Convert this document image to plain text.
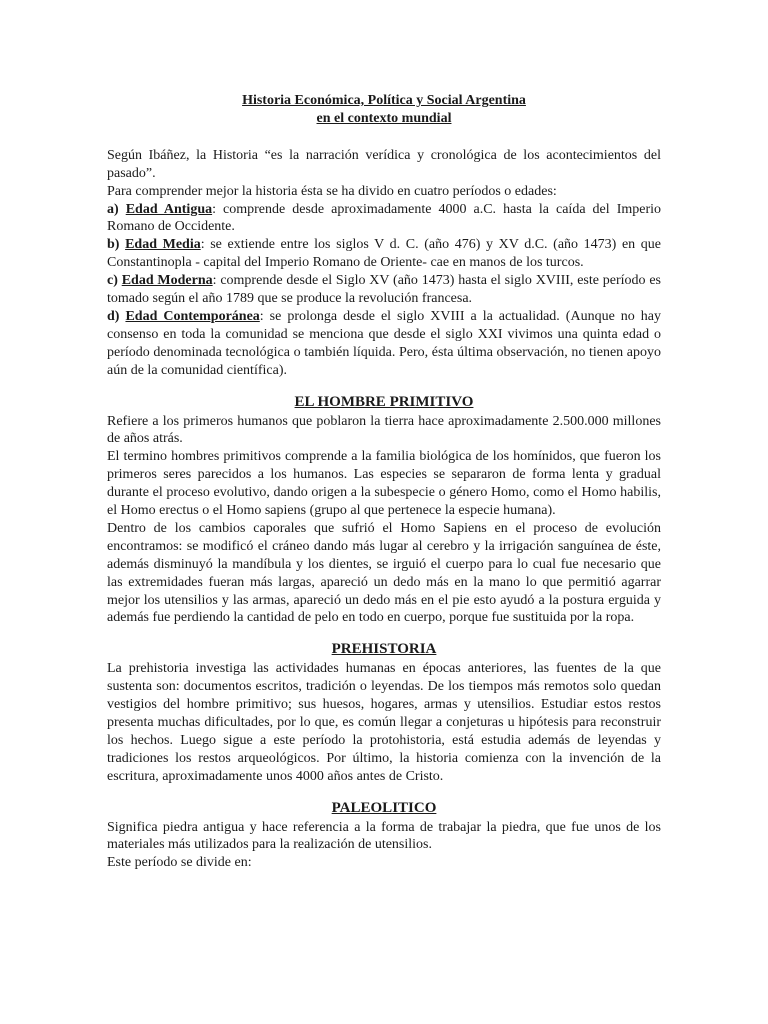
Historia Económica, Política y Social Argentina

en el contexto mundial

Según Ibáñez, la Historia “es la narración verídica y cronológica de los acontecimientos del pasado”.

Para comprender mejor la historia ésta se ha divido en cuatro períodos o edades:

a) Edad Antigua: comprende desde aproximadamente 4000 a.C. hasta la caída del Imperio Romano de Occidente.

b) Edad Media: se extiende entre los siglos V d. C. (año 476) y XV d.C. (año 1473) en que Constantinopla - capital del Imperio Romano de Oriente- cae en manos de los turcos.

c) Edad Moderna: comprende desde el Siglo XV (año 1473) hasta el siglo XVIII, este período es tomado según el año 1789 que se produce la revolución francesa.

d) Edad Contemporánea: se prolonga desde el siglo XVIII a la actualidad. (Aunque no hay consenso en toda la comunidad se menciona que desde el siglo XXI vivimos una quinta edad o período denominada tecnológica o también líquida. Pero, ésta última observación, no tienen apoyo aún de la comunidad científica).

EL HOMBRE PRIMITIVO

Refiere a los primeros humanos que poblaron la tierra hace aproximadamente 2.500.000 millones de años atrás.

El termino hombres primitivos comprende a la familia biológica de los homínidos, que fueron los primeros seres parecidos a los humanos. Las especies se separaron de forma lenta y gradual durante el proceso evolutivo, dando origen a la subespecie o género Homo, como el Homo habilis, el Homo erectus o el Homo sapiens (grupo al que pertenece la especie humana).

Dentro de los cambios caporales que sufrió el Homo Sapiens en el proceso de evolución encontramos: se modificó el cráneo dando más lugar al cerebro y la irrigación sanguínea de éste, además disminuyó la mandíbula y los dientes, se irguió el cuerpo para lo cual fue necesario que las extremidades fueran más largas, apareció un dedo más en la mano lo que permitió agarrar mejor los utensilios y las armas, apareció un dedo más en el pie esto ayudó a la postura erguida y además fue perdiendo la cantidad de pelo en todo en cuerpo, porque fue sustituida por la ropa.

PREHISTORIA

La prehistoria investiga las actividades humanas en épocas anteriores, las fuentes de la que sustenta son: documentos escritos, tradición o leyendas. De los tiempos más remotos solo quedan vestigios del hombre primitivo; sus huesos, hogares, armas y utensilios. Estudiar estos restos presenta muchas dificultades, por lo que, es común llegar a conjeturas u hipótesis para reconstruir los hechos. Luego sigue a este período la protohistoria, está estudia además de leyendas y tradiciones los restos arqueológicos. Por último, la historia comienza con la invención de la escritura, aproximadamente unos 4000 años antes de Cristo.

PALEOLITICO

Significa piedra antigua y hace referencia a la forma de trabajar la piedra, que fue unos de los materiales más utilizados para la realización de utensilios.

Este período se divide en:
